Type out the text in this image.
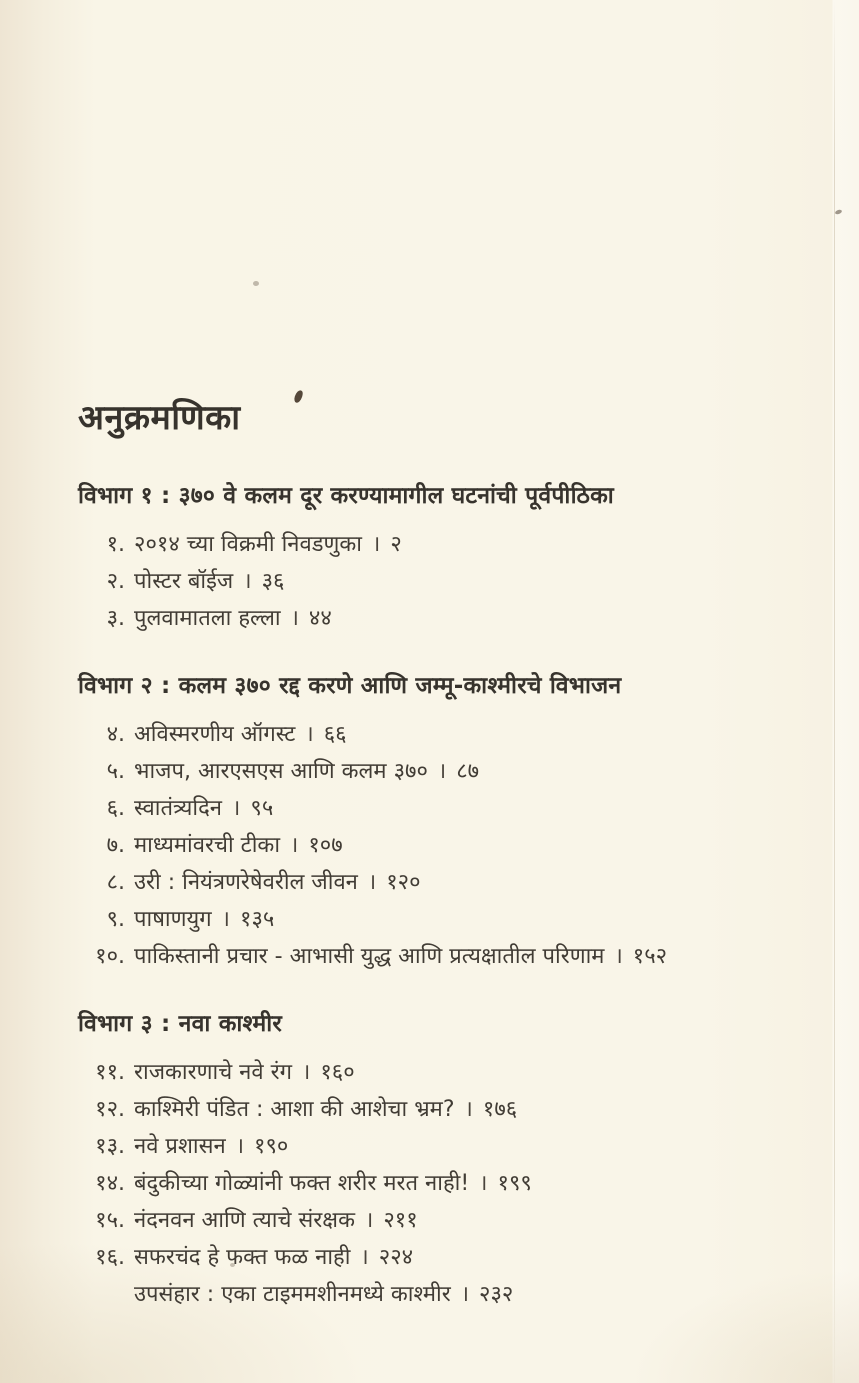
अनुक्रमणिका
विभाग १ : ३७० वे कलम दूर करण्यामागील घटनांची पूर्वपीठिका
१. २०१४ च्या विक्रमी निवडणुका । २
२. पोस्टर बॉईज । ३६
३. पुलवामातला हल्ला । ४४
विभाग २ : कलम ३७० रद्द करणे आणि जम्मू-काश्मीरचे विभाजन
४. अविस्मरणीय ऑगस्ट । ६६
५. भाजप, आरएसएस आणि कलम ३७० । ८७
६. स्वातंत्र्यदिन । ९५
७. माध्यमांवरची टीका । १०७
८. उरी : नियंत्रणरेषेवरील जीवन । १२०
९. पाषाणयुग । १३५
१०. पाकिस्तानी प्रचार - आभासी युद्ध आणि प्रत्यक्षातील परिणाम । १५२
विभाग ३ : नवा काश्मीर
११. राजकारणाचे नवे रंग । १६०
१२. काश्मिरी पंडित : आशा की आशेचा भ्रम? । १७६
१३. नवे प्रशासन । १९०
१४. बंदुकीच्या गोळ्यांनी फक्त शरीर मरत नाही! । १९९
१५. नंदनवन आणि त्याचे संरक्षक । २११
१६. सफरचंद हे फक्त फळ नाही । २२४
उपसंहार : एका टाइममशीनमध्ये काश्मीर । २३२
